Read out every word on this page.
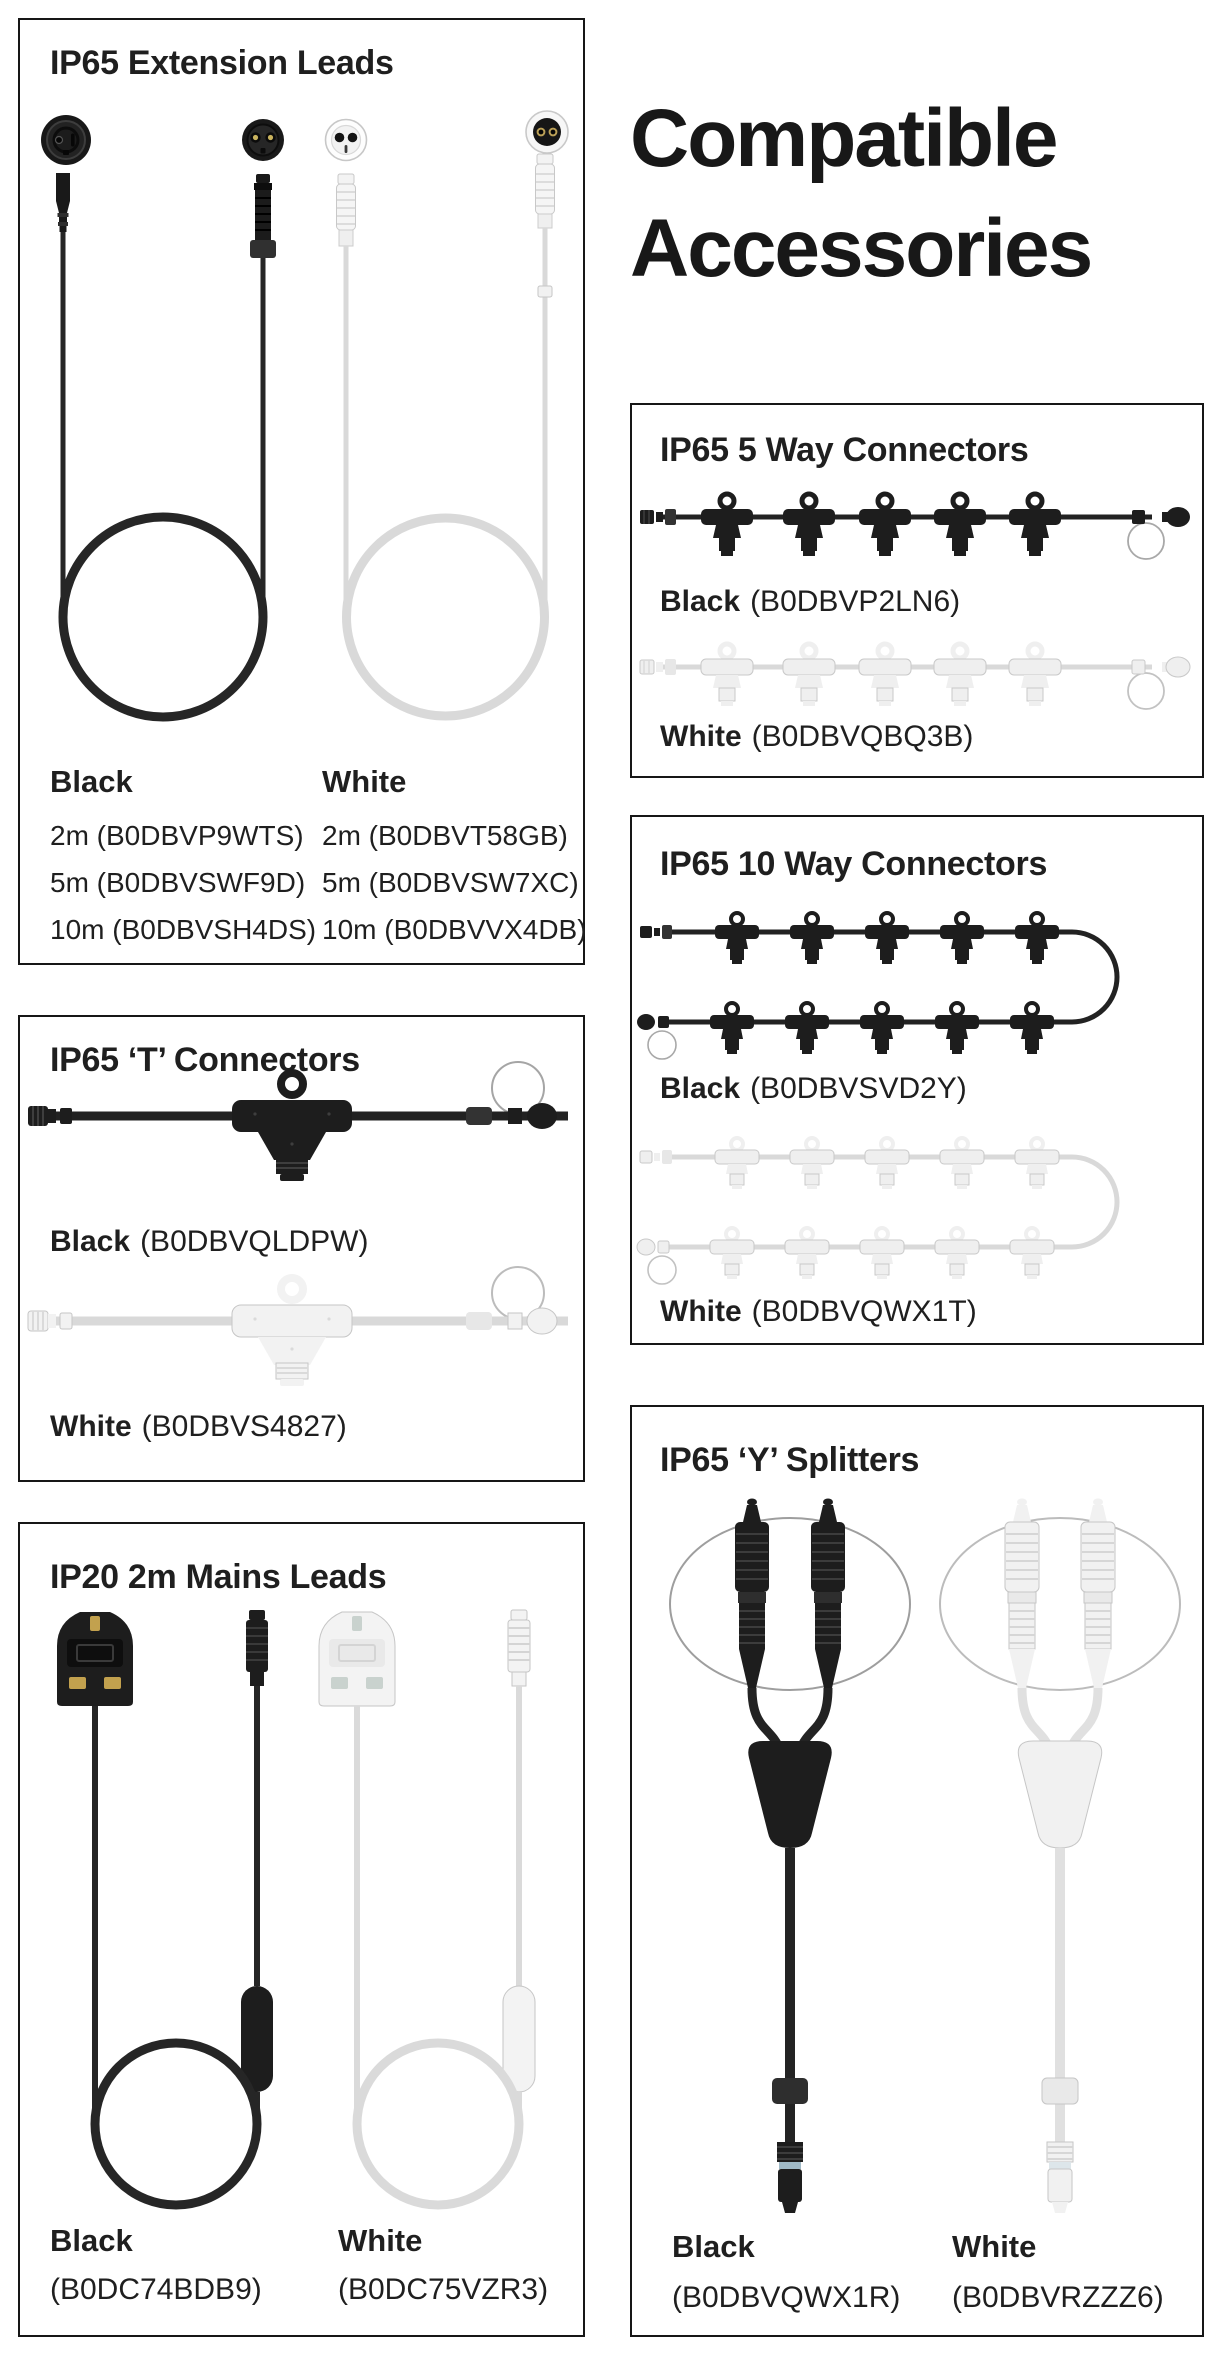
Compatible
Accessories
IP65 Extension Leads
Black	White
2m (B0DBVP9WTS)
5m (B0DBVSWF9D)
10m (B0DBVSH4DS)
2m (B0DBVT58GB)
5m (B0DBVSW7XC)
10m (B0DBVVX4DB)
IP65 ‘T’ Connectors
Black (B0DBVQLDPW)
White (B0DBVS4827)
IP20 2m Mains Leads
Black
(B0DC74BDB9)
White
(B0DC75VZR3)
IP65 5 Way Connectors
Black (B0DBVP2LN6)
White (B0DBVQBQ3B)
IP65 10 Way Connectors
Black (B0DBVSVD2Y)
White (B0DBVQWX1T)
IP65 ‘Y’ Splitters
Black
(B0DBVQWX1R)
White
(B0DBVRZZZ6)
